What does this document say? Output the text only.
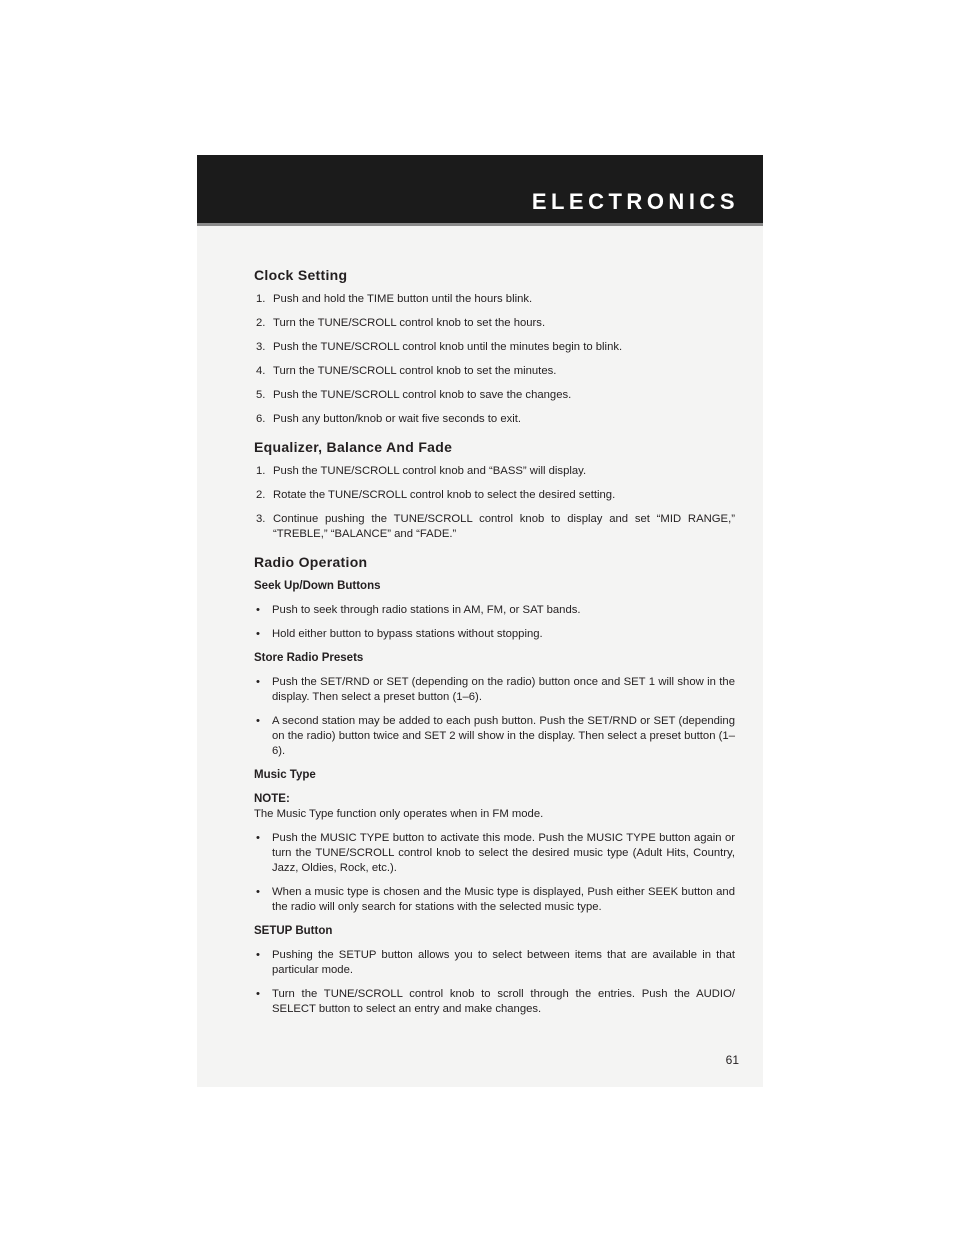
ELECTRONICS
Clock Setting
1. Push and hold the TIME button until the hours blink.
2. Turn the TUNE/SCROLL control knob to set the hours.
3. Push the TUNE/SCROLL control knob until the minutes begin to blink.
4. Turn the TUNE/SCROLL control knob to set the minutes.
5. Push the TUNE/SCROLL control knob to save the changes.
6. Push any button/knob or wait five seconds to exit.
Equalizer, Balance And Fade
1. Push the TUNE/SCROLL control knob and “BASS” will display.
2. Rotate the TUNE/SCROLL control knob to select the desired setting.
3. Continue pushing the TUNE/SCROLL control knob to display and set “MID RANGE,” “TREBLE,” “BALANCE” and “FADE.”
Radio Operation
Seek Up/Down Buttons
• Push to seek through radio stations in AM, FM, or SAT bands.
• Hold either button to bypass stations without stopping.
Store Radio Presets
• Push the SET/RND or SET (depending on the radio) button once and SET 1 will show in the display. Then select a preset button (1–6).
• A second station may be added to each push button. Push the SET/RND or SET (depending on the radio) button twice and SET 2 will show in the display. Then select a preset button (1–6).
Music Type

NOTE:

The Music Type function only operates when in FM mode.

• Push the MUSIC TYPE button to activate this mode. Push the MUSIC TYPE button again or turn the TUNE/SCROLL control knob to select the desired music type (Adult Hits, Country, Jazz, Oldies, Rock, etc.).
• When a music type is chosen and the Music type is displayed, Push either SEEK button and the radio will only search for stations with the selected music type.
SETUP Button
• Pushing the SETUP button allows you to select between items that are available in that particular mode.
• Turn the TUNE/SCROLL control knob to scroll through the entries. Push the AUDIO/ SELECT button to select an entry and make changes.
61
